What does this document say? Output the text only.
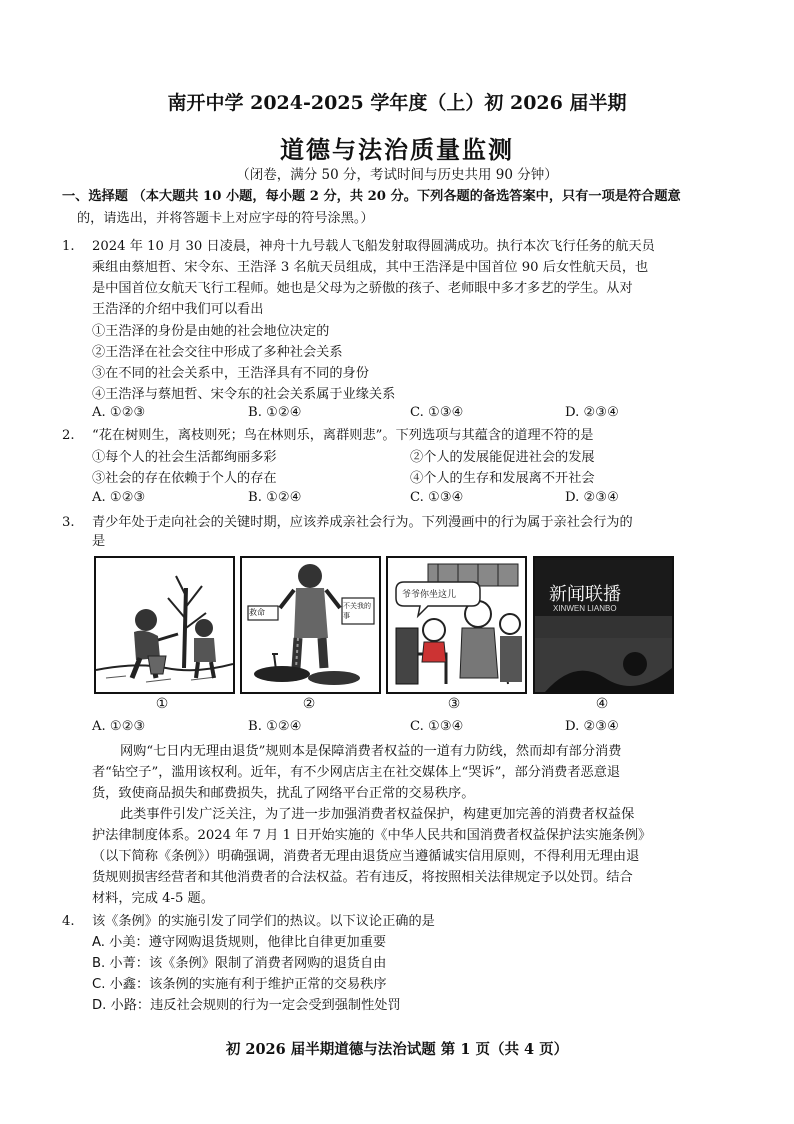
南开中学 2024-2025 学年度（上）初 2026 届半期
道德与法治质量监测
（闭卷，满分 50 分，考试时间与历史共用 90 分钟）
一、选择题 （本大题共 10 小题，每小题 2 分，共 20 分。下列各题的备选答案中，只有一项是符合题意
的，请选出，并将答题卡上对应字母的符号涂黑。）
1. 2024 年 10 月 30 日凌晨，神舟十九号载人飞船发射取得圆满成功。执行本次飞行任务的航天员
乘组由蔡旭哲、宋令东、王浩泽 3 名航天员组成，其中王浩泽是中国首位 90 后女性航天员，也
是中国首位女航天飞行工程师。她也是父母为之骄傲的孩子、老师眼中多才多艺的学生。从对
王浩泽的介绍中我们可以看出
①王浩泽的身份是由她的社会地位决定的
②王浩泽在社会交往中形成了多种社会关系
③在不同的社会关系中，王浩泽具有不同的身份
④王浩泽与蔡旭哲、宋令东的社会关系属于业缘关系
A. ①②③	B. ①②④	C. ①③④	D. ②③④
2. “花在树则生，离枝则死；鸟在林则乐，离群则悲”。下列选项与其蕴含的道理不符的是
①每个人的社会生活都绚丽多彩	②个人的发展能促进社会的发展
③社会的存在依赖于个人的存在	④个人的生存和发展离不开社会
A. ①②③	B. ①②④	C. ①③④	D. ②③④
3. 青少年处于走向社会的关键时期，应该养成亲社会行为。下列漫画中的行为属于亲社会行为的
是
①
救命
不关我的事
②
爷爷你坐这儿
③
新闻联播
XINWEN LIANBO
④
A. ①②③	B. ①②④	C. ①③④	D. ②③④
网购“七日内无理由退货”规则本是保障消费者权益的一道有力防线，然而却有部分消费
者“钻空子”，滥用该权利。近年，有不少网店店主在社交媒体上“哭诉”，部分消费者恶意退
货，致使商品损失和邮费损失，扰乱了网络平台正常的交易秩序。
此类事件引发广泛关注，为了进一步加强消费者权益保护，构建更加完善的消费者权益保
护法律制度体系。2024 年 7 月 1 日开始实施的《中华人民共和国消费者权益保护法实施条例》
（以下简称《条例》）明确强调，消费者无理由退货应当遵循诚实信用原则，不得利用无理由退
货规则损害经营者和其他消费者的合法权益。若有违反，将按照相关法律规定予以处罚。结合
材料，完成 4-5 题。
4. 该《条例》的实施引发了同学们的热议。以下议论正确的是
A. 小美：遵守网购退货规则，他律比自律更加重要
B. 小菁：该《条例》限制了消费者网购的退货自由
C. 小鑫：该条例的实施有利于维护正常的交易秩序
D. 小路：违反社会规则的行为一定会受到强制性处罚
初 2026 届半期道德与法治试题 第 1 页（共 4 页）
